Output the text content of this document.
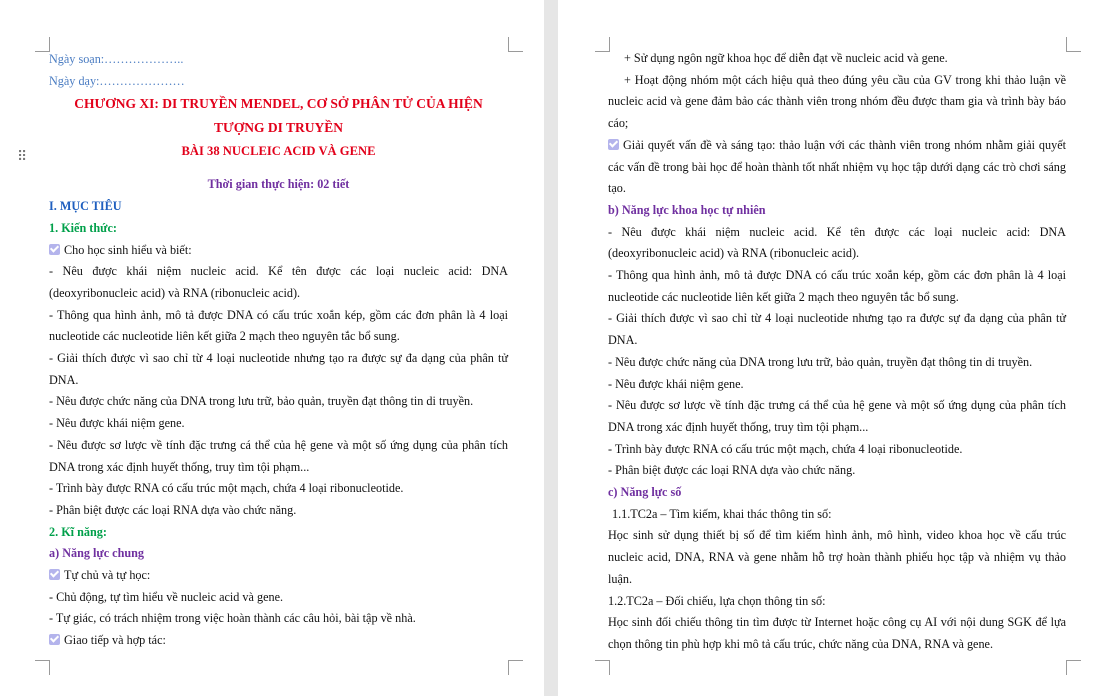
⠿

Ngày soạn:………………..

Ngày dạy:…………………

CHƯƠNG XI: DI TRUYỀN MENDEL, CƠ SỞ PHÂN TỬ CỦA HIỆN TƯỢNG DI TRUYỀN

BÀI 38 NUCLEIC ACID VÀ GENE

Thời gian thực hiện: 02 tiết

I. MỤC TIÊU

1. Kiến thức:

Cho học sinh hiểu và biết:

- Nêu được khái niệm nucleic acid. Kể tên được các loại nucleic acid: DNA (deoxyribonucleic acid) và RNA (ribonucleic acid).

- Thông qua hình ảnh, mô tả được DNA có cấu trúc xoắn kép, gồm các đơn phân là 4 loại nucleotide các nucleotide liên kết giữa 2 mạch theo nguyên tắc bổ sung.

- Giải thích được vì sao chỉ từ 4 loại nucleotide nhưng tạo ra được sự đa dạng của phân tử DNA.

- Nêu được chức năng của DNA trong lưu trữ, bảo quản, truyền đạt thông tin di truyền.

- Nêu được khái niệm gene.

- Nêu được sơ lược về tính đặc trưng cá thể của hệ gene và một số ứng dụng của phân tích DNA trong xác định huyết thống, truy tìm tội phạm...

- Trình bày được RNA có cấu trúc một mạch, chứa 4 loại ribonucleotide.

- Phân biệt được các loại RNA dựa vào chức năng.

2. Kĩ năng:

a) Năng lực chung

Tự chủ và tự học:

- Chủ động, tự tìm hiểu về nucleic acid và gene.

- Tự giác, có trách nhiệm trong việc hoàn thành các câu hỏi, bài tập về nhà.

Giao tiếp và hợp tác:

+ Sử dụng ngôn ngữ khoa học để diễn đạt về nucleic acid và gene.

+ Hoạt động nhóm một cách hiệu quả theo đúng yêu cầu của GV trong khi thảo luận về nucleic acid và gene đảm bảo các thành viên trong nhóm đều được tham gia và trình bày báo cáo;

Giải quyết vấn đề và sáng tạo: thảo luận với các thành viên trong nhóm nhằm giải quyết các vấn đề trong bài học để hoàn thành tốt nhất nhiệm vụ học tập dưới dạng các trò chơi sáng tạo.

b) Năng lực khoa học tự nhiên

- Nêu được khái niệm nucleic acid. Kể tên được các loại nucleic acid: DNA (deoxyribonucleic acid) và RNA (ribonucleic acid).

- Thông qua hình ảnh, mô tả được DNA có cấu trúc xoắn kép, gồm các đơn phân là 4 loại nucleotide các nucleotide liên kết giữa 2 mạch theo nguyên tắc bổ sung.

- Giải thích được vì sao chỉ từ 4 loại nucleotide nhưng tạo ra được sự đa dạng của phân tử DNA.

- Nêu được chức năng của DNA trong lưu trữ, bảo quản, truyền đạt thông tin di truyền.

- Nêu được khái niệm gene.

- Nêu được sơ lược về tính đặc trưng cá thể của hệ gene và một số ứng dụng của phân tích DNA trong xác định huyết thống, truy tìm tội phạm...

- Trình bày được RNA có cấu trúc một mạch, chứa 4 loại ribonucleotide.

- Phân biệt được các loại RNA dựa vào chức năng.

c) Năng lực số

1.1.TC2a – Tìm kiếm, khai thác thông tin số:

Học sinh sử dụng thiết bị số để tìm kiếm hình ảnh, mô hình, video khoa học về cấu trúc nucleic acid, DNA, RNA và gene nhằm hỗ trợ hoàn thành phiếu học tập và nhiệm vụ thảo luận.

1.2.TC2a – Đối chiếu, lựa chọn thông tin số:

Học sinh đối chiếu thông tin tìm được từ Internet hoặc công cụ AI với nội dung SGK để lựa chọn thông tin phù hợp khi mô tả cấu trúc, chức năng của DNA, RNA và gene.
